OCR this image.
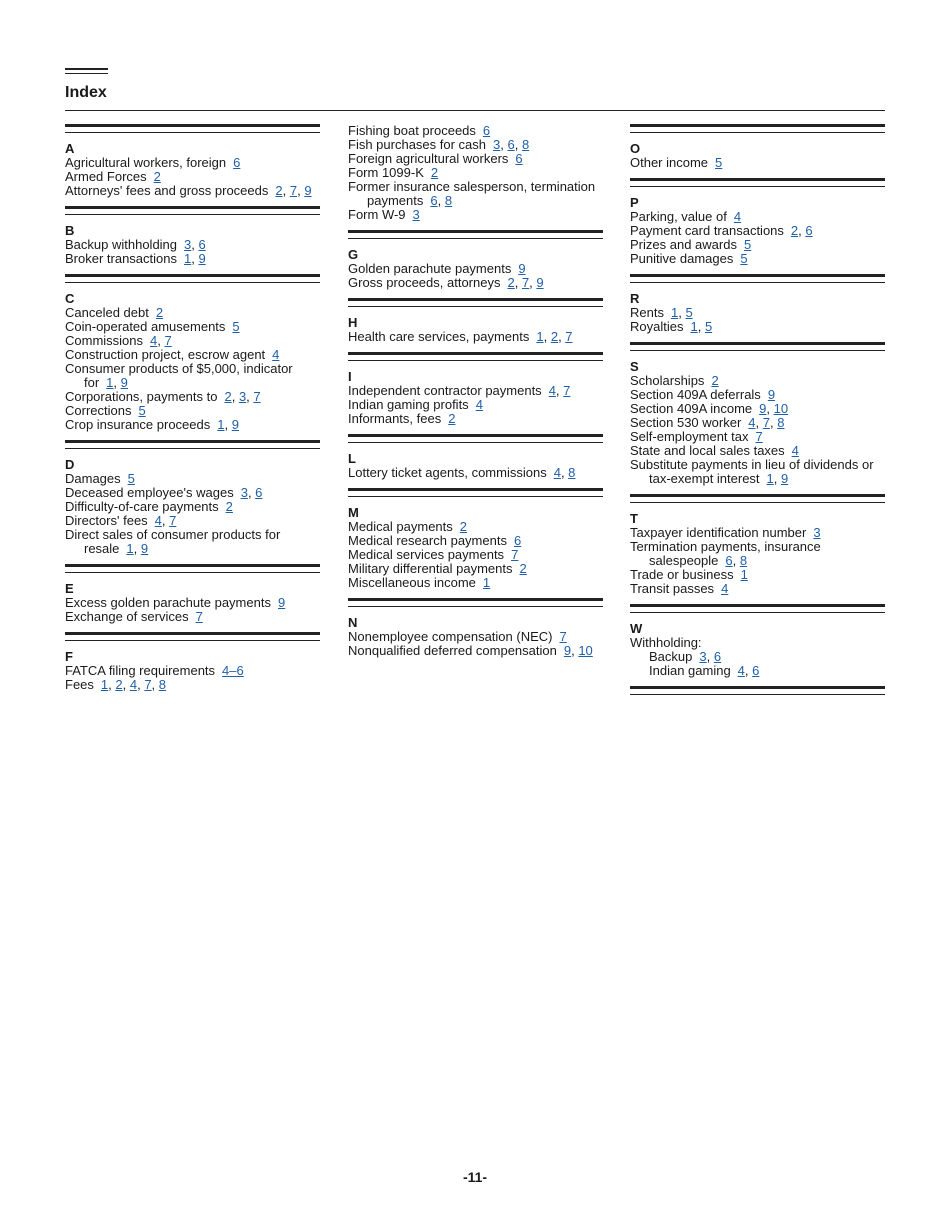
Index
A
Agricultural workers, foreign 6
Armed Forces 2
Attorneys' fees and gross proceeds 2, 7, 9
B
Backup withholding 3, 6
Broker transactions 1, 9
C
Canceled debt 2
Coin-operated amusements 5
Commissions 4, 7
Construction project, escrow agent 4
Consumer products of $5,000, indicator for 1, 9
Corporations, payments to 2, 3, 7
Corrections 5
Crop insurance proceeds 1, 9
D
Damages 5
Deceased employee's wages 3, 6
Difficulty-of-care payments 2
Directors' fees 4, 7
Direct sales of consumer products for resale 1, 9
E
Excess golden parachute payments 9
Exchange of services 7
F
FATCA filing requirements 4–6
Fees 1, 2, 4, 7, 8
Fishing boat proceeds 6
Fish purchases for cash 3, 6, 8
Foreign agricultural workers 6
Form 1099-K 2
Former insurance salesperson, termination payments 6, 8
Form W-9 3
G
Golden parachute payments 9
Gross proceeds, attorneys 2, 7, 9
H
Health care services, payments 1, 2, 7
I
Independent contractor payments 4, 7
Indian gaming profits 4
Informants, fees 2
L
Lottery ticket agents, commissions 4, 8
M
Medical payments 2
Medical research payments 6
Medical services payments 7
Military differential payments 2
Miscellaneous income 1
N
Nonemployee compensation (NEC) 7
Nonqualified deferred compensation 9, 10
O
Other income 5
P
Parking, value of 4
Payment card transactions 2, 6
Prizes and awards 5
Punitive damages 5
R
Rents 1, 5
Royalties 1, 5
S
Scholarships 2
Section 409A deferrals 9
Section 409A income 9, 10
Section 530 worker 4, 7, 8
Self-employment tax 7
State and local sales taxes 4
Substitute payments in lieu of dividends or tax-exempt interest 1, 9
T
Taxpayer identification number 3
Termination payments, insurance salespeople 6, 8
Trade or business 1
Transit passes 4
W
Withholding:
Backup 3, 6
Indian gaming 4, 6
-11-
